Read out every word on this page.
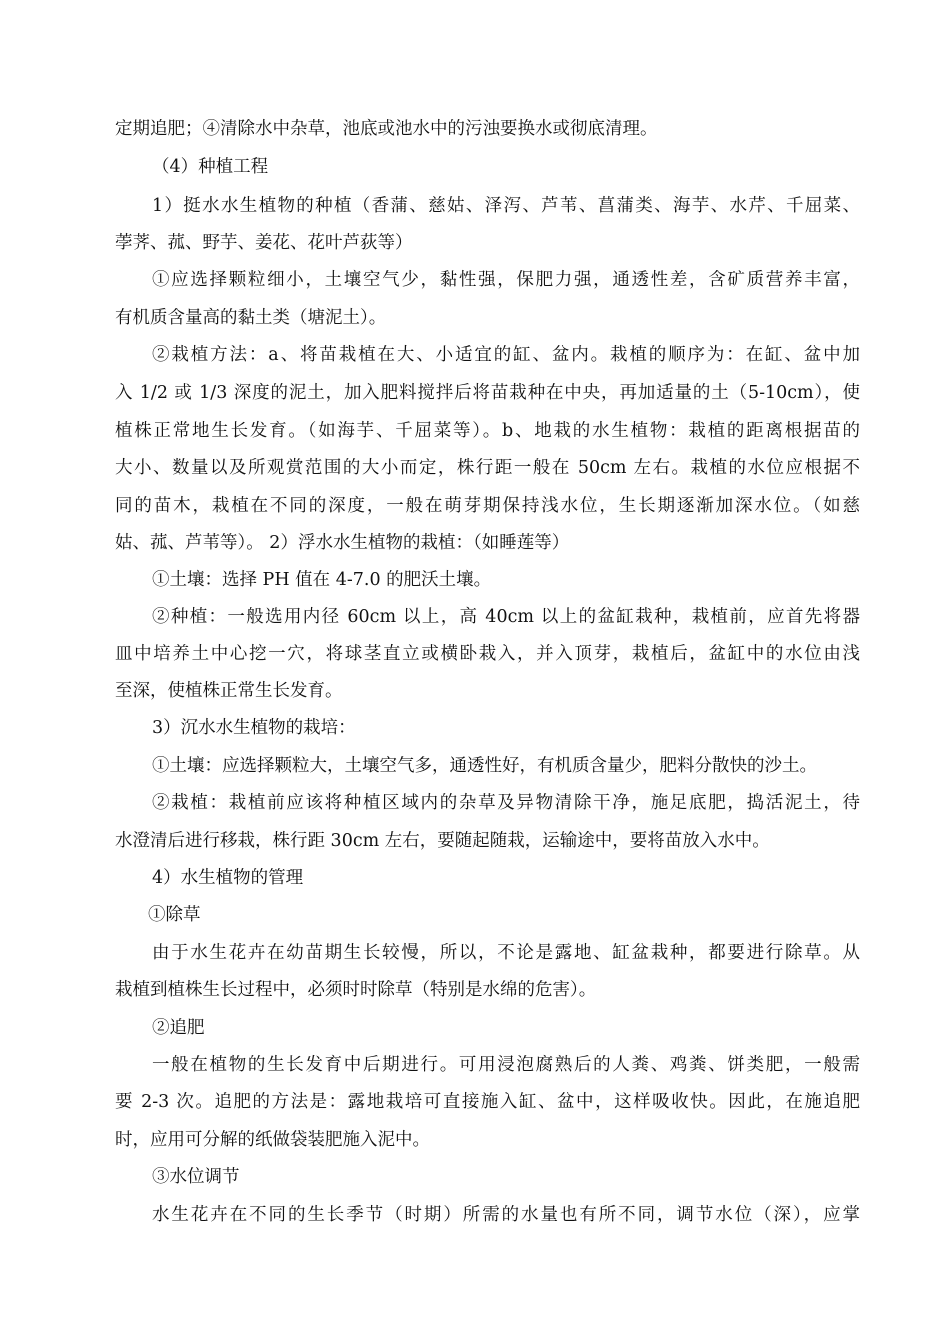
定期追肥；④清除水中杂草，池底或池水中的污浊要换水或彻底清理。
（4）种植工程
1）挺水水生植物的种植（香蒲、慈姑、泽泻、芦苇、菖蒲类、海芋、水芹、千屈菜、
荸荠、菰、野芋、姜花、花叶芦荻等）
①应选择颗粒细小，土壤空气少，黏性强，保肥力强，通透性差，含矿质营养丰富，
有机质含量高的黏土类（塘泥土）。
②栽植方法：a、将苗栽植在大、小适宜的缸、盆内。栽植的顺序为：在缸、盆中加
入 1/2 或 1/3 深度的泥土，加入肥料搅拌后将苗栽种在中央，再加适量的土（5-10cm），使
植株正常地生长发育。（如海芋、千屈菜等）。b、地栽的水生植物：栽植的距离根据苗的
大小、数量以及所观赏范围的大小而定，株行距一般在 50cm 左右。栽植的水位应根据不
同的苗木，栽植在不同的深度，一般在萌芽期保持浅水位，生长期逐渐加深水位。（如慈
姑、菰、芦苇等）。 2）浮水水生植物的栽植：（如睡莲等）
①土壤：选择 PH 值在 4-7.0 的肥沃土壤。
②种植：一般选用内径 60cm 以上，高 40cm 以上的盆缸栽种，栽植前，应首先将器
皿中培养土中心挖一穴，将球茎直立或横卧栽入，并入顶芽，栽植后，盆缸中的水位由浅
至深，使植株正常生长发育。
3）沉水水生植物的栽培：
①土壤：应选择颗粒大，土壤空气多，通透性好，有机质含量少，肥料分散快的沙土。
②栽植：栽植前应该将种植区域内的杂草及异物清除干净，施足底肥，捣活泥土，待
水澄清后进行移栽，株行距 30cm 左右，要随起随栽，运输途中，要将苗放入水中。
4）水生植物的管理
①除草
由于水生花卉在幼苗期生长较慢，所以，不论是露地、缸盆栽种，都要进行除草。从
栽植到植株生长过程中，必须时时除草（特别是水绵的危害）。
②追肥
一般在植物的生长发育中后期进行。可用浸泡腐熟后的人粪、鸡粪、饼类肥，一般需
要 2-3 次。追肥的方法是：露地栽培可直接施入缸、盆中，这样吸收快。因此，在施追肥
时，应用可分解的纸做袋装肥施入泥中。
③水位调节
水生花卉在不同的生长季节（时期）所需的水量也有所不同，调节水位（深），应掌
